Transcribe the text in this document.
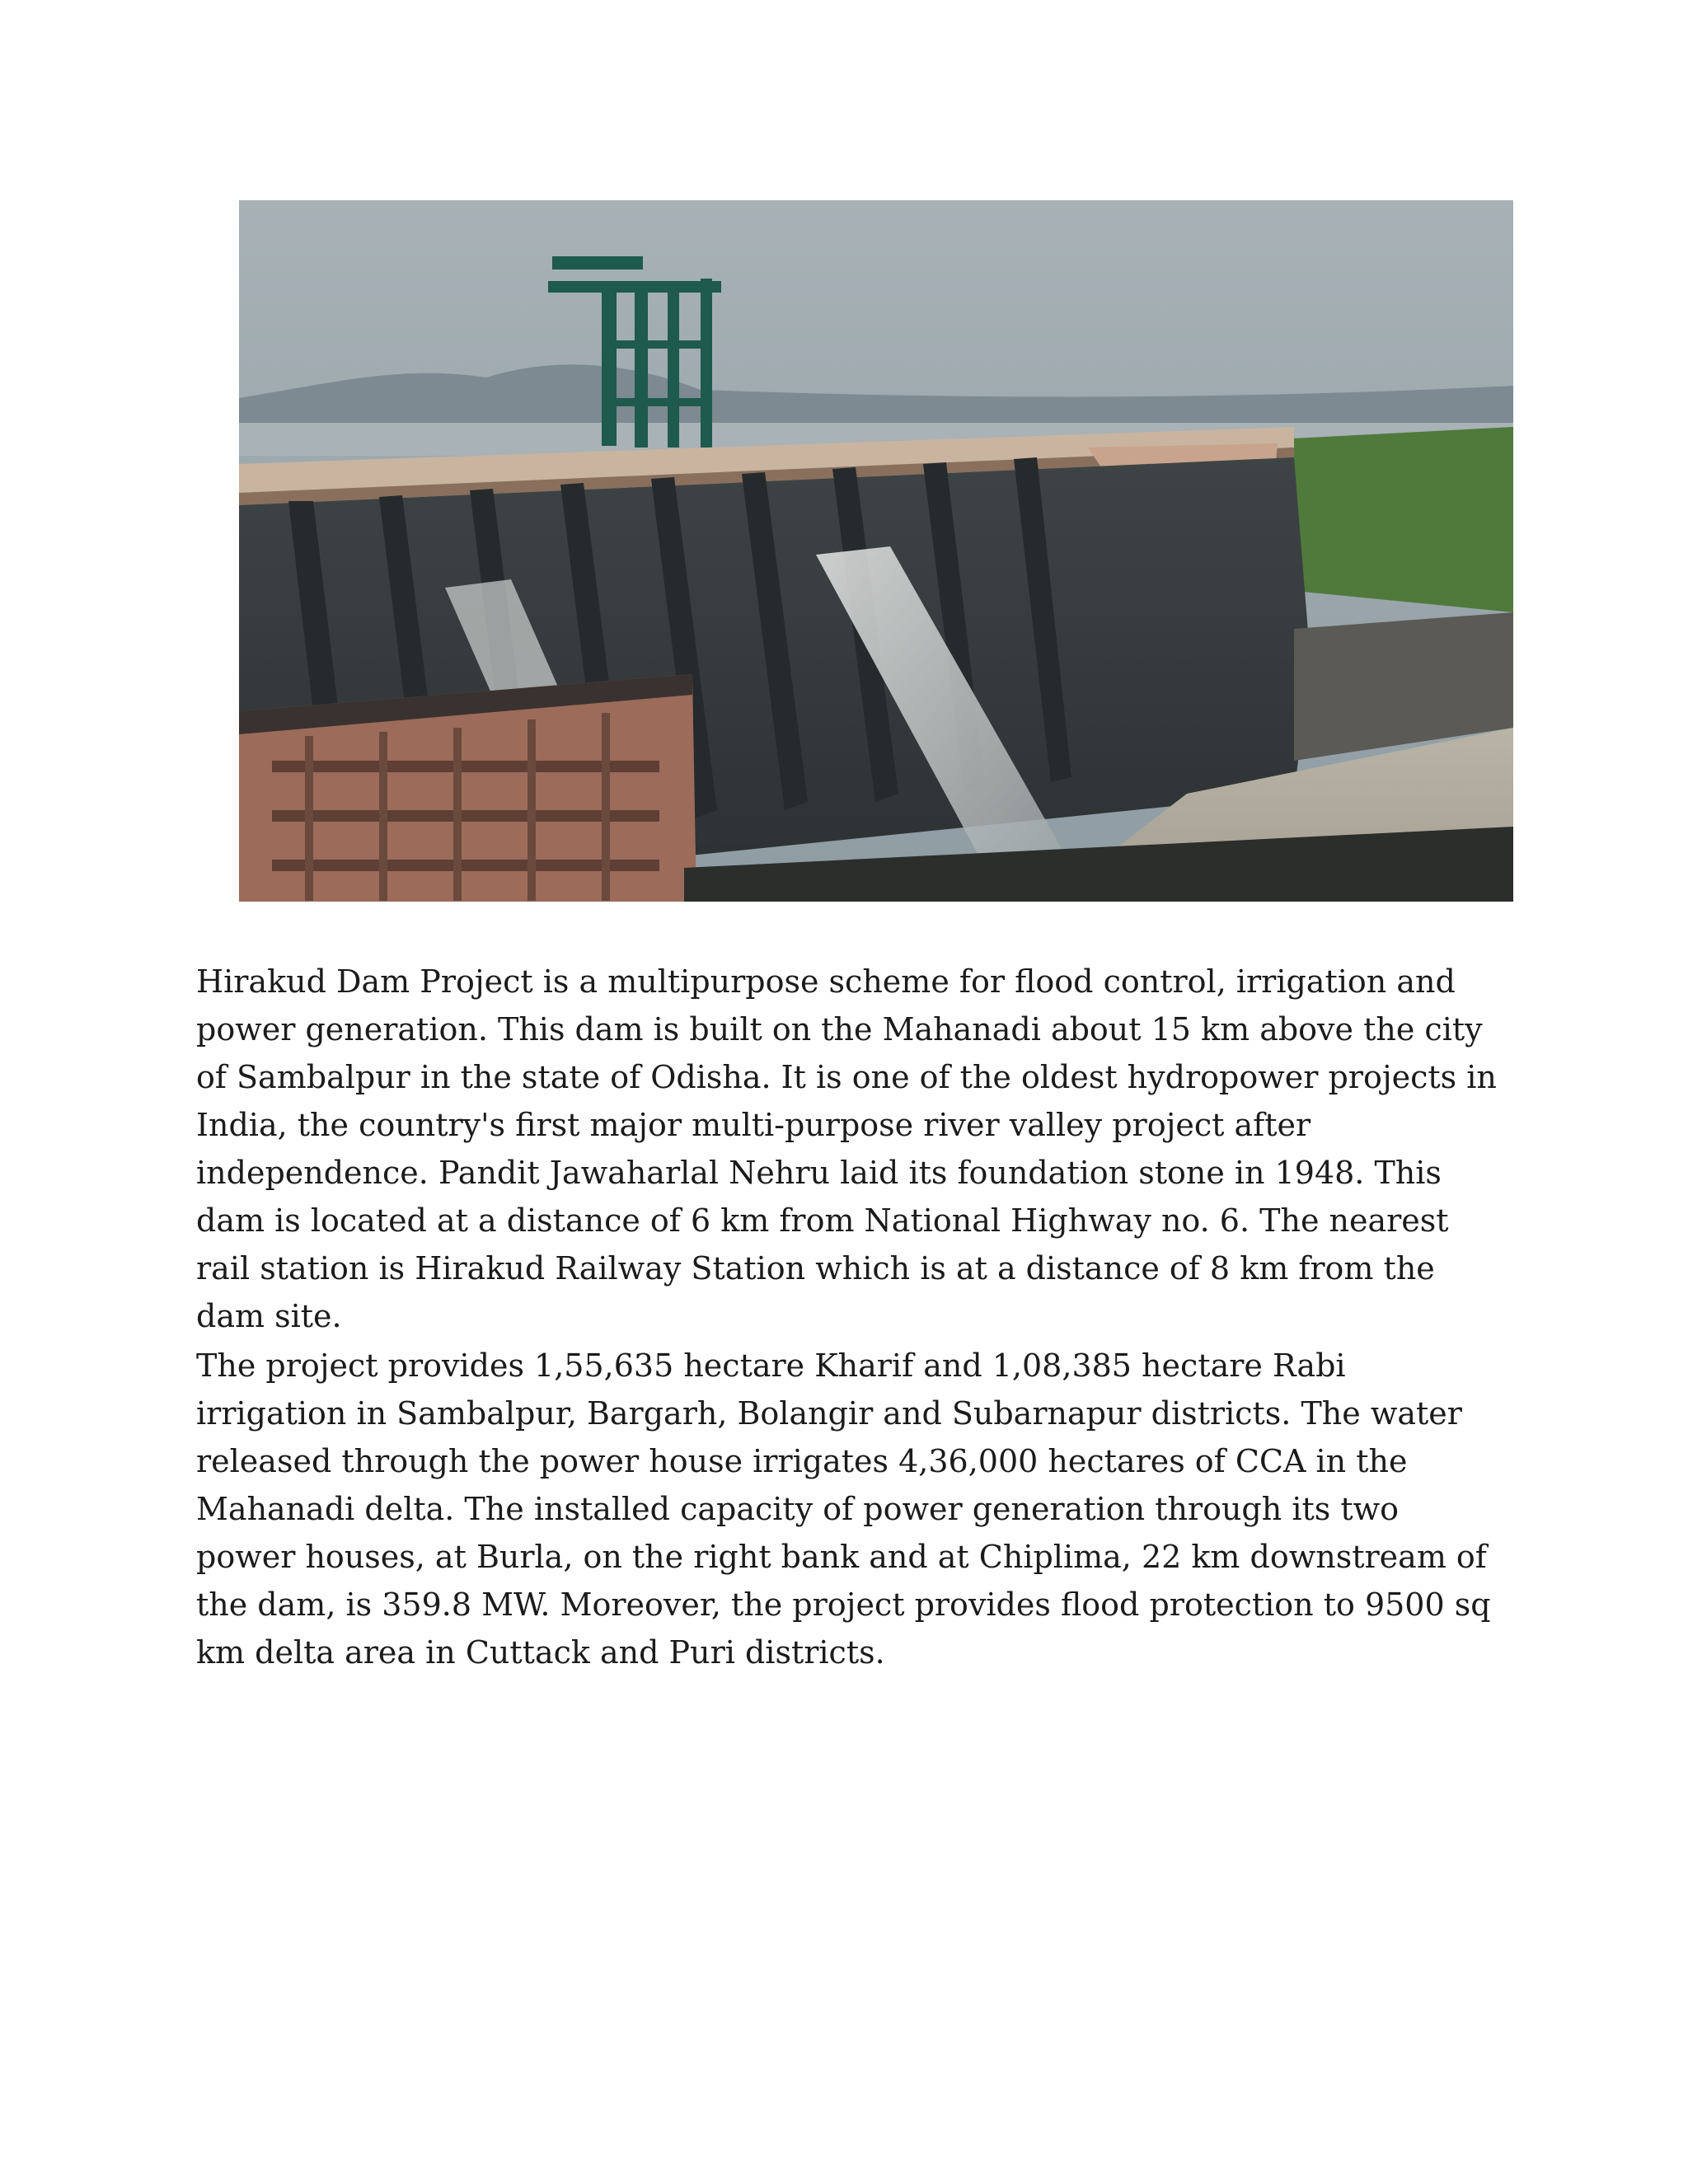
Hirakud Dam Project is a multipurpose scheme for flood control, irrigation and power generation. This dam is built on the Mahanadi about 15 km above the city of Sambalpur in the state of Odisha. It is one of the oldest hydropower projects in India, the country's first major multi-purpose river valley project after independence. Pandit Jawaharlal Nehru laid its foundation stone in 1948. This dam is located at a distance of 6 km from National Highway no. 6. The nearest rail station is Hirakud Railway Station which is at a distance of 8 km from the dam site.

The project provides 1,55,635 hectare Kharif and 1,08,385 hectare Rabi irrigation in Sambalpur, Bargarh, Bolangir and Subarnapur districts. The water released through the power house irrigates 4,36,000 hectares of CCA in the Mahanadi delta. The installed capacity of power generation through its two power houses, at Burla, on the right bank and at Chiplima, 22 km downstream of the dam, is 359.8 MW. Moreover, the project provides flood protection to 9500 sq km delta area in Cuttack and Puri districts.
